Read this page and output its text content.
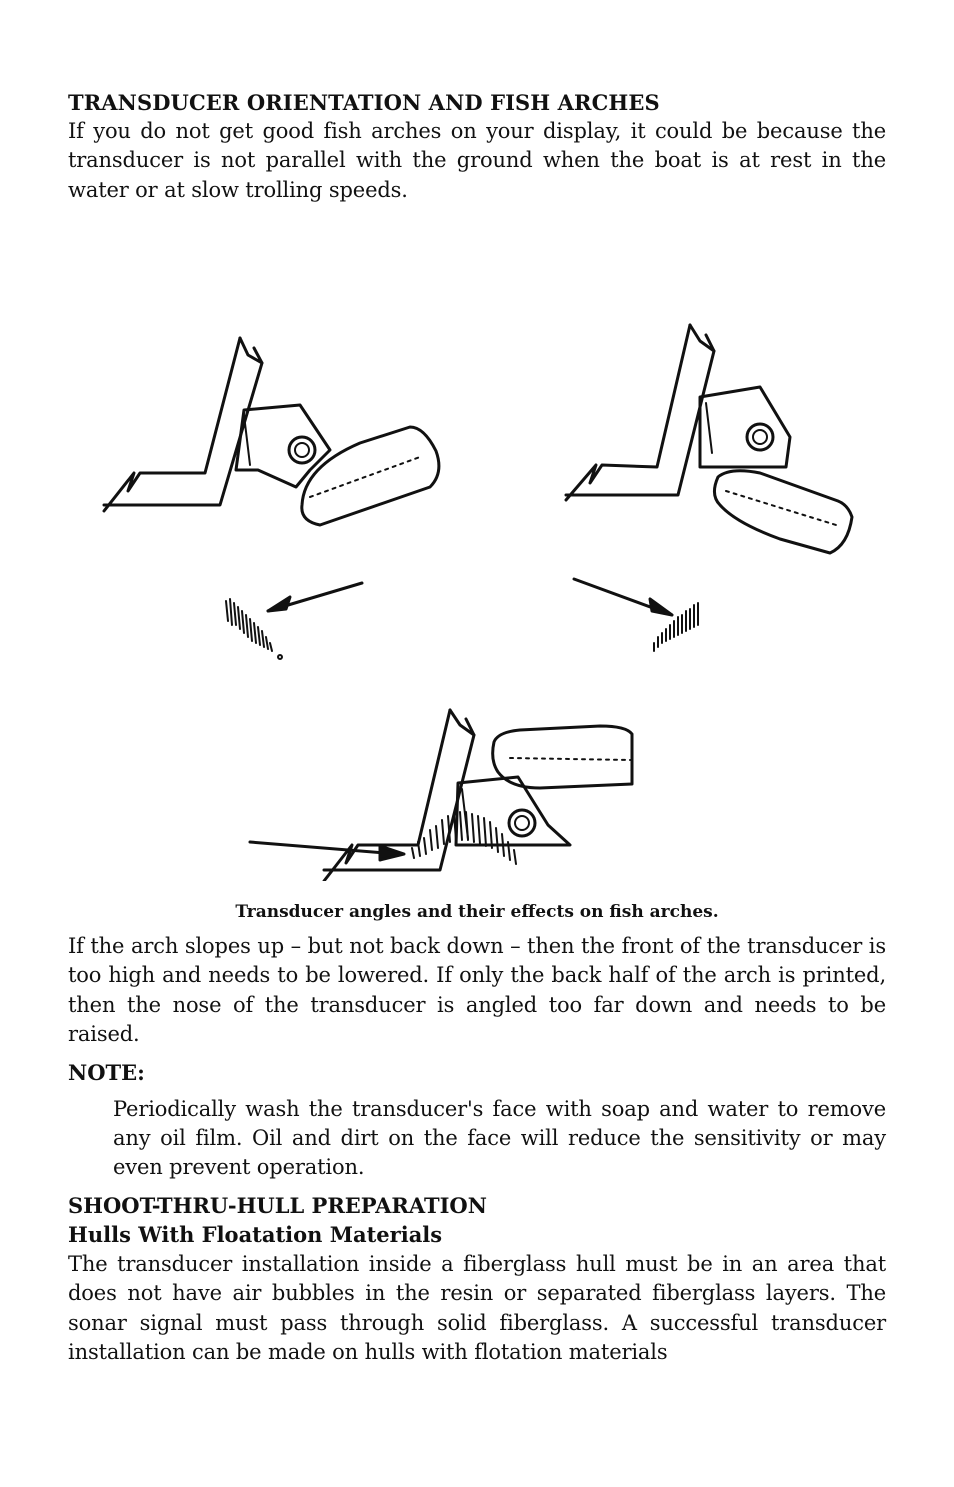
TRANSDUCER ORIENTATION AND FISH ARCHES

If you do not get good fish arches on your display, it could be because the transducer is not parallel with the ground when the boat is at rest in the water or at slow trolling speeds.

Transducer angles and their effects on fish arches.

If the arch slopes up – but not back down – then the front of the transducer is too high and needs to be lowered. If only the back half of the arch is printed, then the nose of the transducer is angled too far down and needs to be raised.

NOTE:

Periodically wash the transducer's face with soap and water to remove any oil film. Oil and dirt on the face will reduce the sensitivity or may even prevent operation.

SHOOT-THRU-HULL PREPARATION
Hulls With Floatation Materials

The transducer installation inside a fiberglass hull must be in an area that does not have air bubbles in the resin or separated fiberglass layers. The sonar signal must pass through solid fiberglass. A successful transducer installation can be made on hulls with flotation materials
